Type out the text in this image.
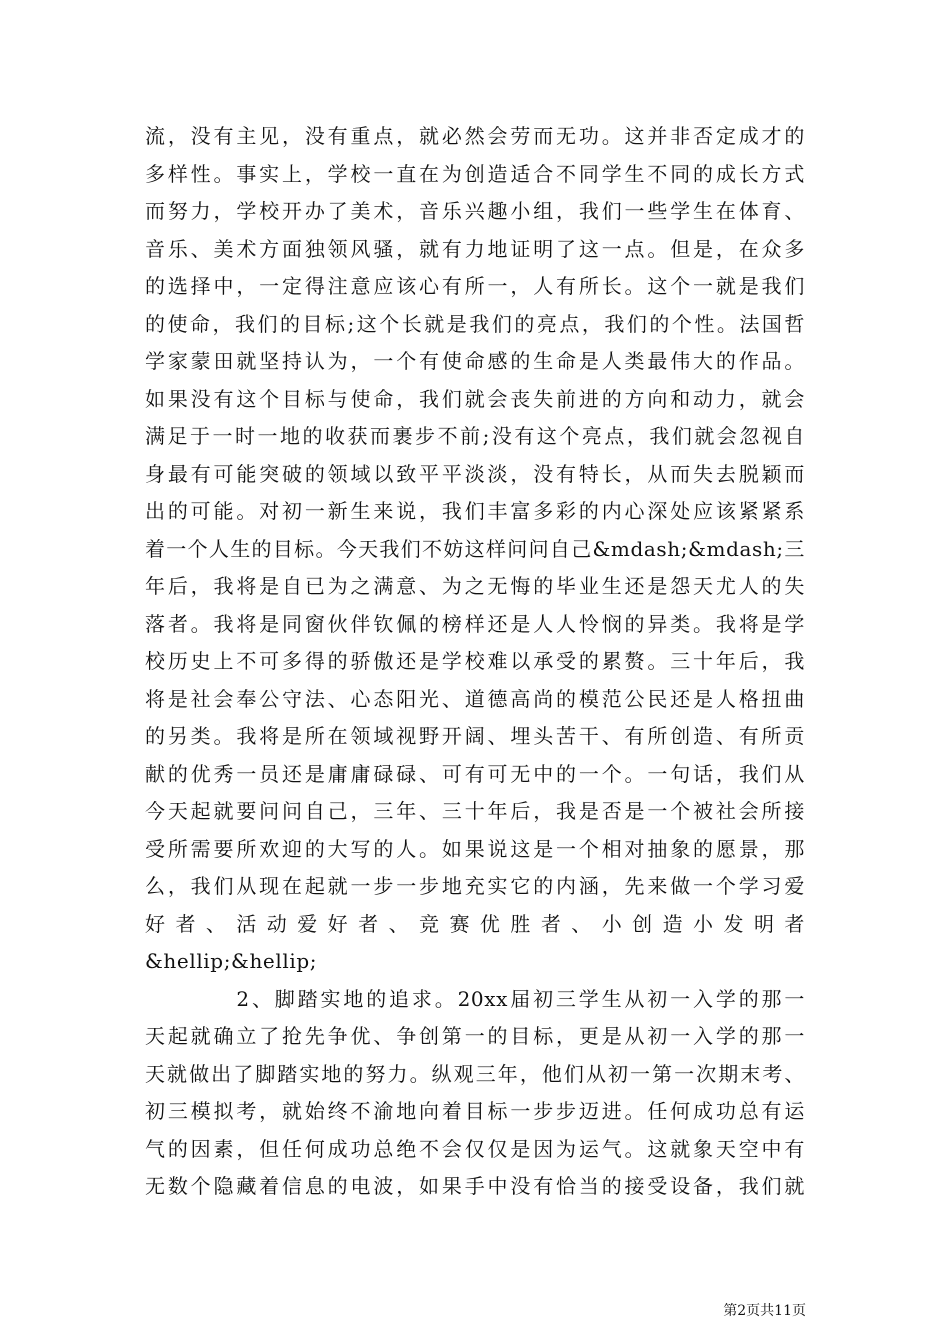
流，没有主见，没有重点，就必然会劳而无功。这并非否定成才的
多样性。事实上，学校一直在为创造适合不同学生不同的成长方式
而努力，学校开办了美术，音乐兴趣小组，我们一些学生在体育、
音乐、美术方面独领风骚，就有力地证明了这一点。但是，在众多
的选择中，一定得注意应该心有所一，人有所长。这个一就是我们
的使命，我们的目标;这个长就是我们的亮点，我们的个性。法国哲
学家蒙田就坚持认为，一个有使命感的生命是人类最伟大的作品。
如果没有这个目标与使命，我们就会丧失前进的方向和动力，就会
满足于一时一地的收获而裹步不前;没有这个亮点，我们就会忽视自
身最有可能突破的领域以致平平淡淡，没有特长，从而失去脱颖而
出的可能。对初一新生来说，我们丰富多彩的内心深处应该紧紧系
着一个人生的目标。今天我们不妨这样问问自己&mdash;&mdash;三
年后，我将是自已为之满意、为之无悔的毕业生还是怨天尤人的失
落者。我将是同窗伙伴钦佩的榜样还是人人怜悯的异类。我将是学
校历史上不可多得的骄傲还是学校难以承受的累赘。三十年后，我
将是社会奉公守法、心态阳光、道德高尚的模范公民还是人格扭曲
的另类。我将是所在领域视野开阔、埋头苦干、有所创造、有所贡
献的优秀一员还是庸庸碌碌、可有可无中的一个。一句话，我们从
今天起就要问问自己，三年、三十年后，我是否是一个被社会所接
受所需要所欢迎的大写的人。如果说这是一个相对抽象的愿景，那
么，我们从现在起就一步一步地充实它的内涵，先来做一个学习爱
好者、活动爱好者、竞赛优胜者、小创造小发明者
&hellip;&hellip;
　　　　2、脚踏实地的追求。20xx届初三学生从初一入学的那一
天起就确立了抢先争优、争创第一的目标，更是从初一入学的那一
天就做出了脚踏实地的努力。纵观三年，他们从初一第一次期末考、
初三模拟考，就始终不渝地向着目标一步步迈进。任何成功总有运
气的因素，但任何成功总绝不会仅仅是因为运气。这就象天空中有
无数个隐藏着信息的电波，如果手中没有恰当的接受设备，我们就
第2页共11页
